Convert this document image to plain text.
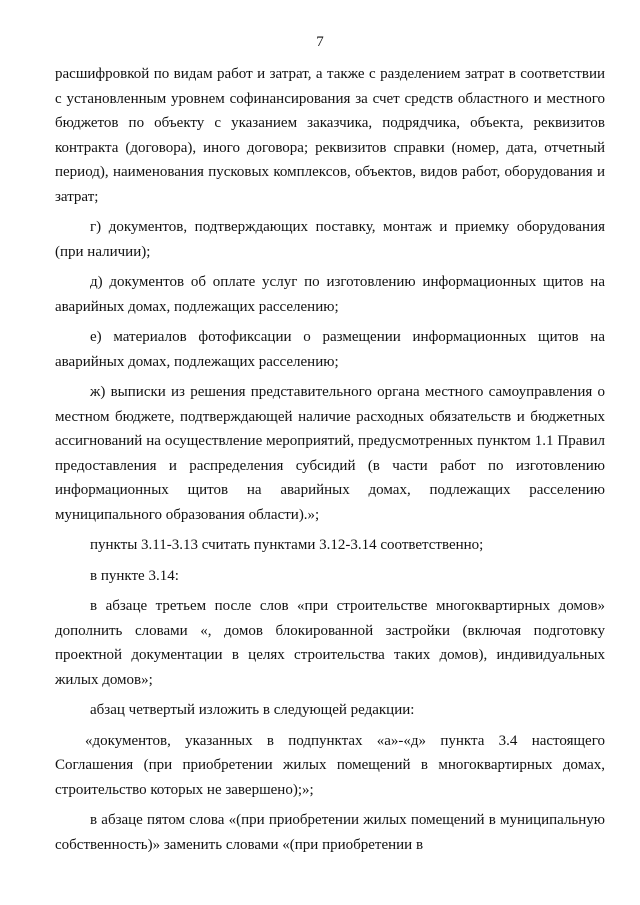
7

расшифровкой по видам работ и затрат, а также с разделением затрат в соответствии с установленным уровнем софинансирования за счет средств областного и местного бюджетов по объекту с указанием заказчика, подрядчика, объекта, реквизитов контракта (договора), иного договора; реквизитов справки (номер, дата, отчетный период), наименования пусковых комплексов, объектов, видов работ, оборудования и затрат;

г) документов, подтверждающих поставку, монтаж и приемку оборудования (при наличии);

д) документов об оплате услуг по изготовлению информационных щитов на аварийных домах, подлежащих расселению;

е) материалов фотофиксации о размещении информационных щитов на аварийных домах, подлежащих расселению;

ж) выписки из решения представительного органа местного самоуправления о местном бюджете, подтверждающей наличие расходных обязательств и бюджетных ассигнований на осуществление мероприятий, предусмотренных пунктом 1.1 Правил предоставления и распределения субсидий (в части работ по изготовлению информационных щитов на аварийных домах, подлежащих расселению муниципального образования области).»;

пункты 3.11-3.13 считать пунктами 3.12-3.14 соответственно;

в пункте 3.14:

в абзаце третьем после слов «при строительстве многоквартирных домов» дополнить словами «, домов блокированной застройки (включая подготовку проектной документации в целях строительства таких домов), индивидуальных жилых домов»;

абзац четвертый изложить в следующей редакции:

«документов, указанных в подпунктах «а»-«д» пункта 3.4 настоящего Соглашения (при приобретении жилых помещений в многоквартирных домах, строительство которых не завершено);»;

в абзаце пятом слова «(при приобретении жилых помещений в муниципальную собственность)» заменить словами «(при приобретении в
